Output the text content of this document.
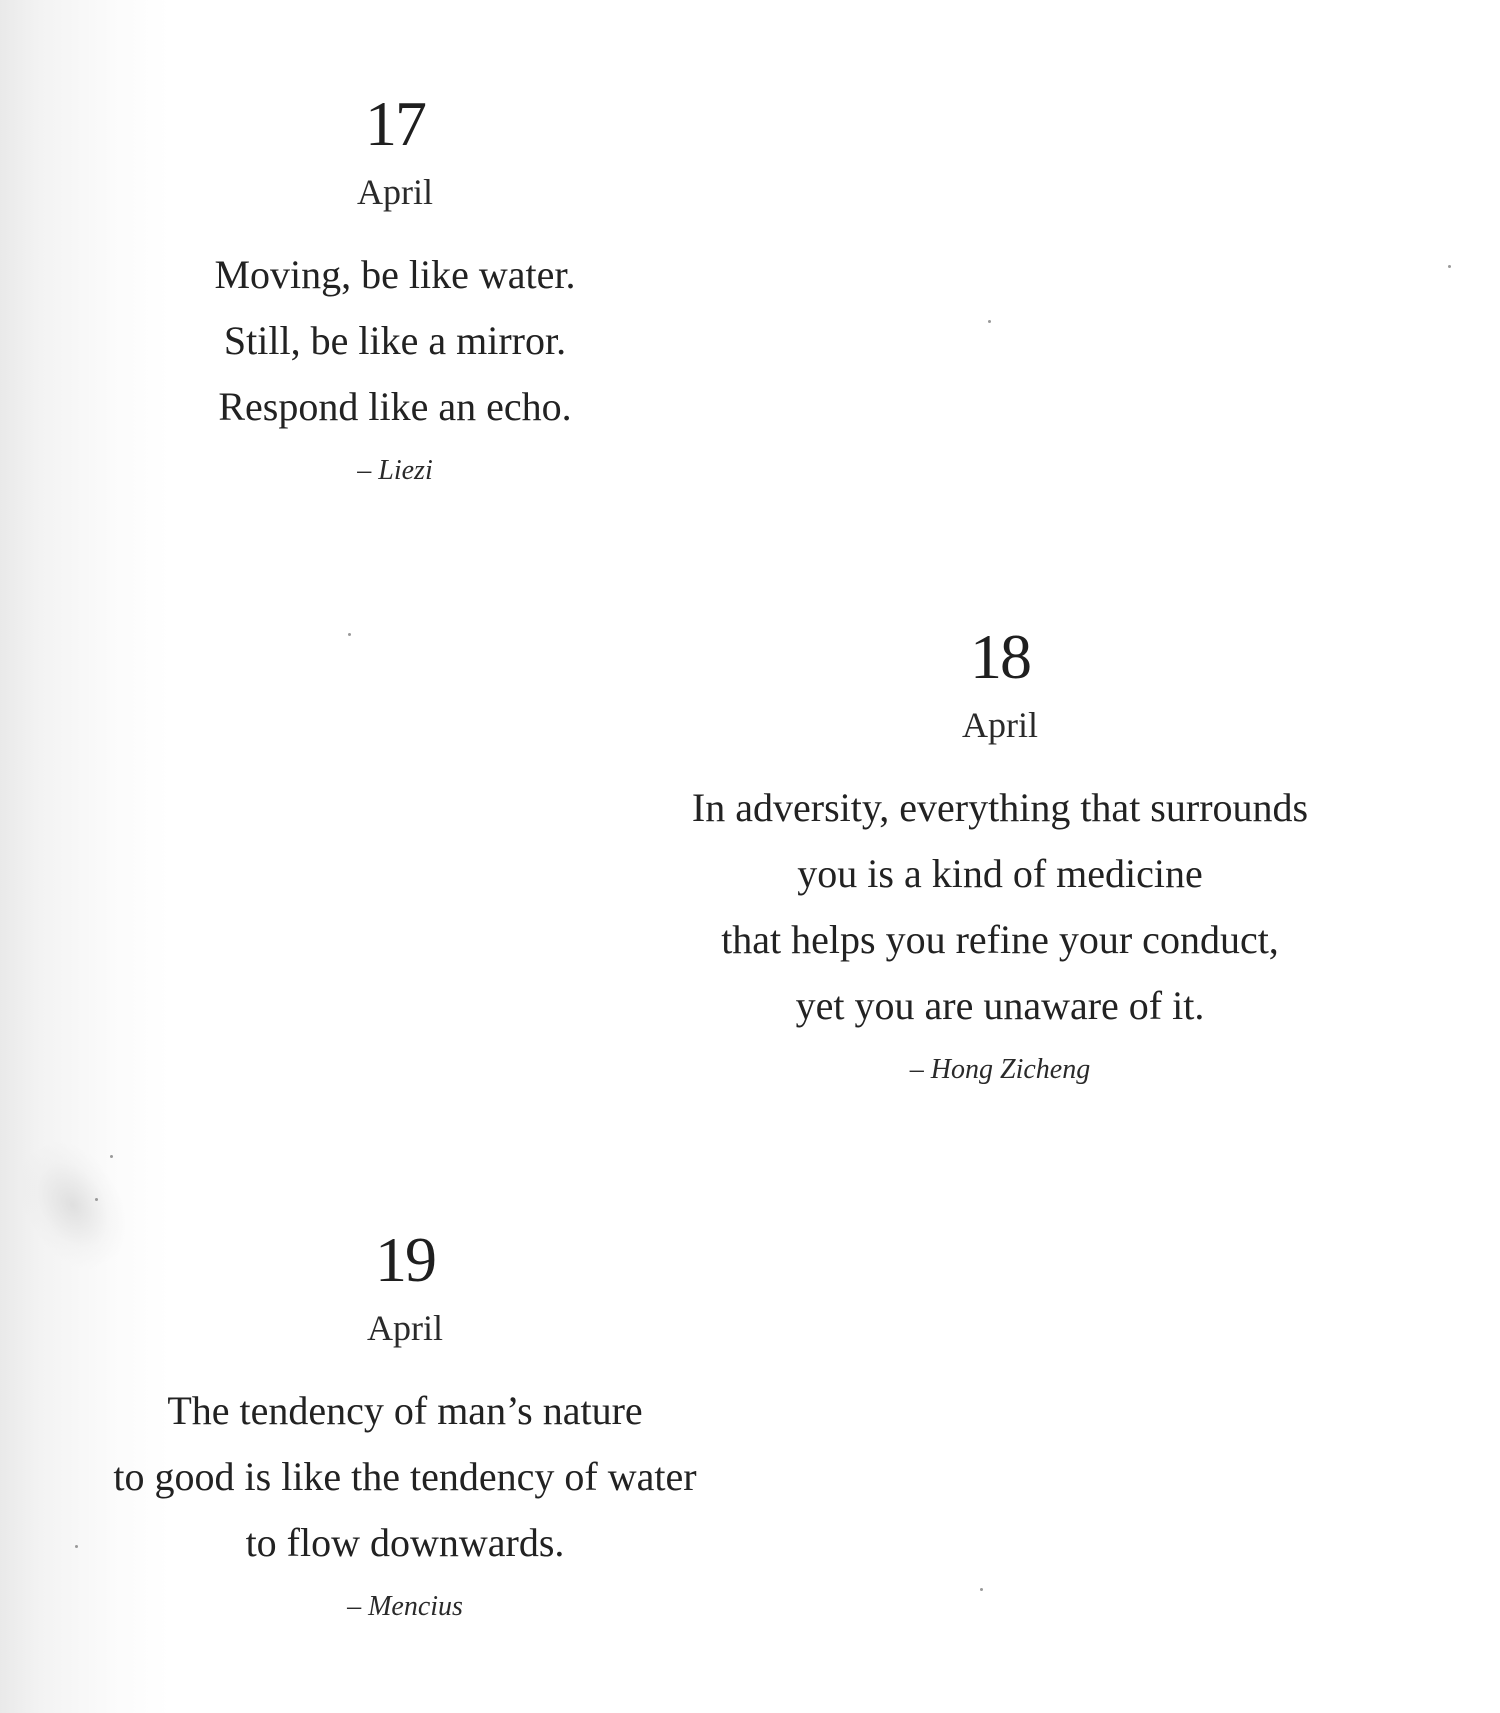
17
April
Moving, be like water.
Still, be like a mirror.
Respond like an echo.
– Liezi
18
April
In adversity, everything that surrounds
you is a kind of medicine
that helps you refine your conduct,
yet you are unaware of it.
– Hong Zicheng
19
April
The tendency of man’s nature
to good is like the tendency of water
to flow downwards.
– Mencius
